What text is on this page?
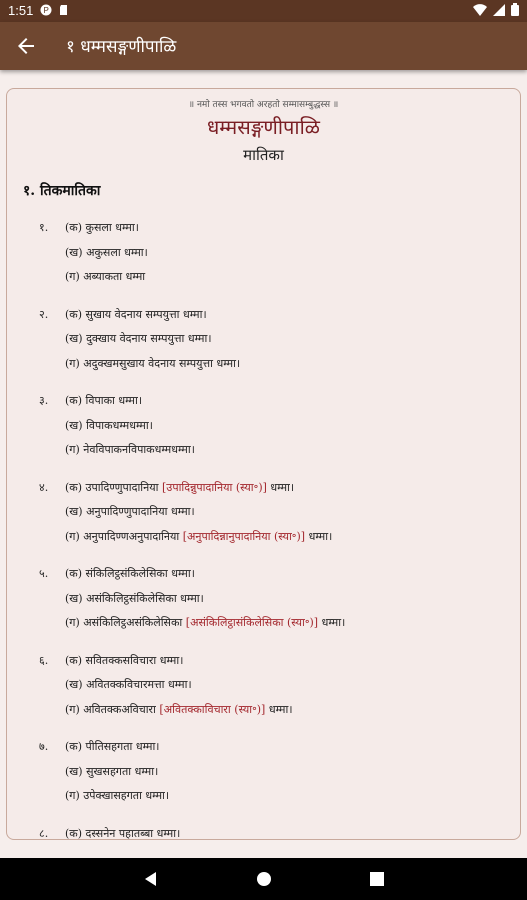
1:51 P
१ धम्मसङ्गणीपाळि
॥ नमो तस्स भगवतो अरहतो सम्मासम्बुद्धस्स ॥
धम्मसङ्गणीपाळि
मातिका
१. तिकमातिका
१. (क) कुसला धम्मा।
(ख) अकुसला धम्मा।
(ग) अब्याकता धम्मा
२. (क) सुखाय वेदनाय सम्पयुत्ता धम्मा।
(ख) दुक्खाय वेदनाय सम्पयुत्ता धम्मा।
(ग) अदुक्खमसुखाय वेदनाय सम्पयुत्ता धम्मा।
३. (क) विपाका धम्मा।
(ख) विपाकधम्मधम्मा।
(ग) नेवविपाकनविपाकधम्मधम्मा।
४. (क) उपादिण्णुपादानिया [उपादिन्नुपादानिया (स्या॰)] धम्मा।
(ख) अनुपादिण्णुपादानिया धम्मा।
(ग) अनुपादिण्णअनुपादानिया [अनुपादिन्नानुपादानिया (स्या॰)] धम्मा।
५. (क) संकिलिट्ठसंकिलेसिका धम्मा।
(ख) असंकिलिट्ठसंकिलेसिका धम्मा।
(ग) असंकिलिट्ठअसंकिलेसिका [असंकिलिट्ठासंकिलेसिका (स्या॰)] धम्मा।
६. (क) सवितक्कसविचारा धम्मा।
(ख) अवितक्कविचारमत्ता धम्मा।
(ग) अवितक्कअविचारा [अवितक्काविचारा (स्या॰)] धम्मा।
७. (क) पीतिसहगता धम्मा।
(ख) सुखसहगता धम्मा।
(ग) उपेक्खासहगता धम्मा।
८. (क) दस्सनेन पहातब्बा धम्मा।
